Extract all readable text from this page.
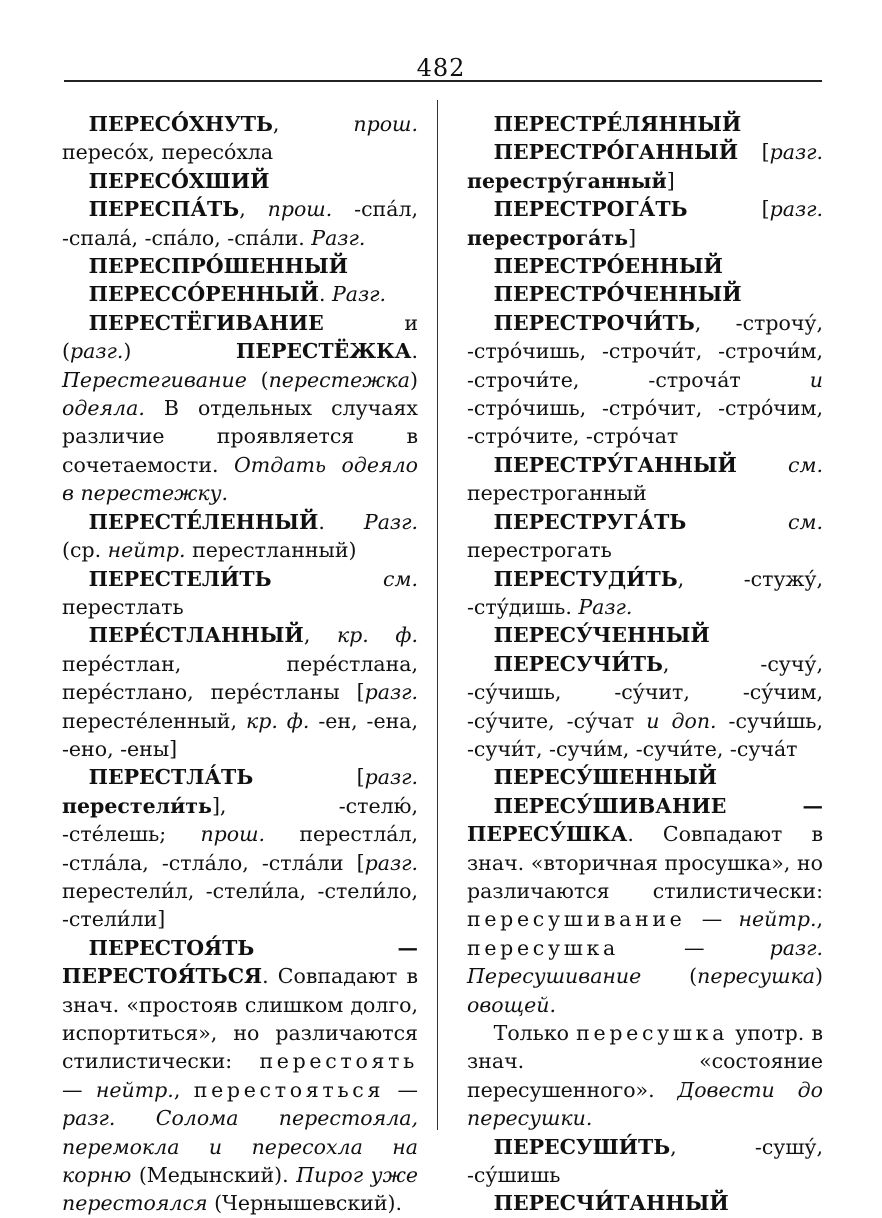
482

ПЕРЕСО́ХНУТЬ, прош. пересо́х, пересо́хла

ПЕРЕСО́ХШИЙ

ПЕРЕСПА́ТЬ, прош. -спа́л, -спала́, -спа́ло, -спа́ли. Разг.

ПЕРЕСПРО́ШЕННЫЙ

ПЕРЕССО́РЕННЫЙ. Разг.

ПЕРЕСТЁГИВАНИЕ и (разг.) ПЕРЕСТЁЖКА. Перестегивание (перестежка) одеяла. В отдельных случаях различие проявляется в сочетаемости. Отдать одеяло в перестежку.

ПЕРЕСТЕ́ЛЕННЫЙ. Разг. (ср. нейтр. перестланный)

ПЕРЕСТЕЛИ́ТЬ	см. перестлать

ПЕРЕ́СТЛАННЫЙ, кр. ф. пере́стлан, пере́стлана, пере́стлано, пере́стланы [разг. пересте́ленный, кр. ф. -ен, -ена, -ено, -ены]

ПЕРЕСТЛА́ТЬ [разг. перестели́ть], -стелю́, -сте́лешь; прош. перестла́л, -стла́ла, -стла́ло, -стла́ли [разг. перестели́л, -стели́ла, -стели́ло, -стели́ли]

ПЕРЕСТОЯ́ТЬ — ПЕРЕСТОЯ́ТЬСЯ. Совпадают в знач. «простояв слишком долго, испортиться», но различаются стилистически: перестоять — нейтр., перестояться — разг. Солома перестояла, перемокла и пересохла на корню (Медынский). Пирог уже перестоялся (Чернышевский).

ПЕРЕСТРЕ́ЛЯННЫЙ

ПЕРЕСТРО́ГАННЫЙ [разг. перестру́ганный]

ПЕРЕСТРОГА́ТЬ [разг. перестрога́ть]

ПЕРЕСТРО́ЕННЫЙ

ПЕРЕСТРО́ЧЕННЫЙ

ПЕРЕСТРОЧИ́ТЬ, -строчу́, -стро́чишь, -строчи́т, -строчи́м, -строчи́те, -строча́т и -стро́чишь, -стро́чит, -стро́чим, -стро́чите, -стро́чат

ПЕРЕСТРУ́ГАННЫЙ см. перестроганный

ПЕРЕСТРУГА́ТЬ	см. перестрогать

ПЕРЕСТУДИ́ТЬ, -стужу́, -сту́дишь. Разг.

ПЕРЕСУ́ЧЕННЫЙ

ПЕРЕСУЧИ́ТЬ, -сучу́, -су́чишь, -су́чит, -су́чим, -су́чите, -су́чат и доп. -сучи́шь, -сучи́т, -сучи́м, -сучи́те, -суча́т

ПЕРЕСУ́ШЕННЫЙ

ПЕРЕСУ́ШИВАНИЕ — ПЕРЕСУ́ШКА. Совпадают в знач. «вторичная просушка», но различаются стилистически: пересушивание — нейтр., пересушка — разг. Пересушивание (пересушка) овощей.

Только пересушка употр. в знач. «состояние пересушенного». Довести до пересушки.

ПЕРЕСУШИ́ТЬ, -сушу́, -су́шишь

ПЕРЕСЧИ́ТАННЫЙ
